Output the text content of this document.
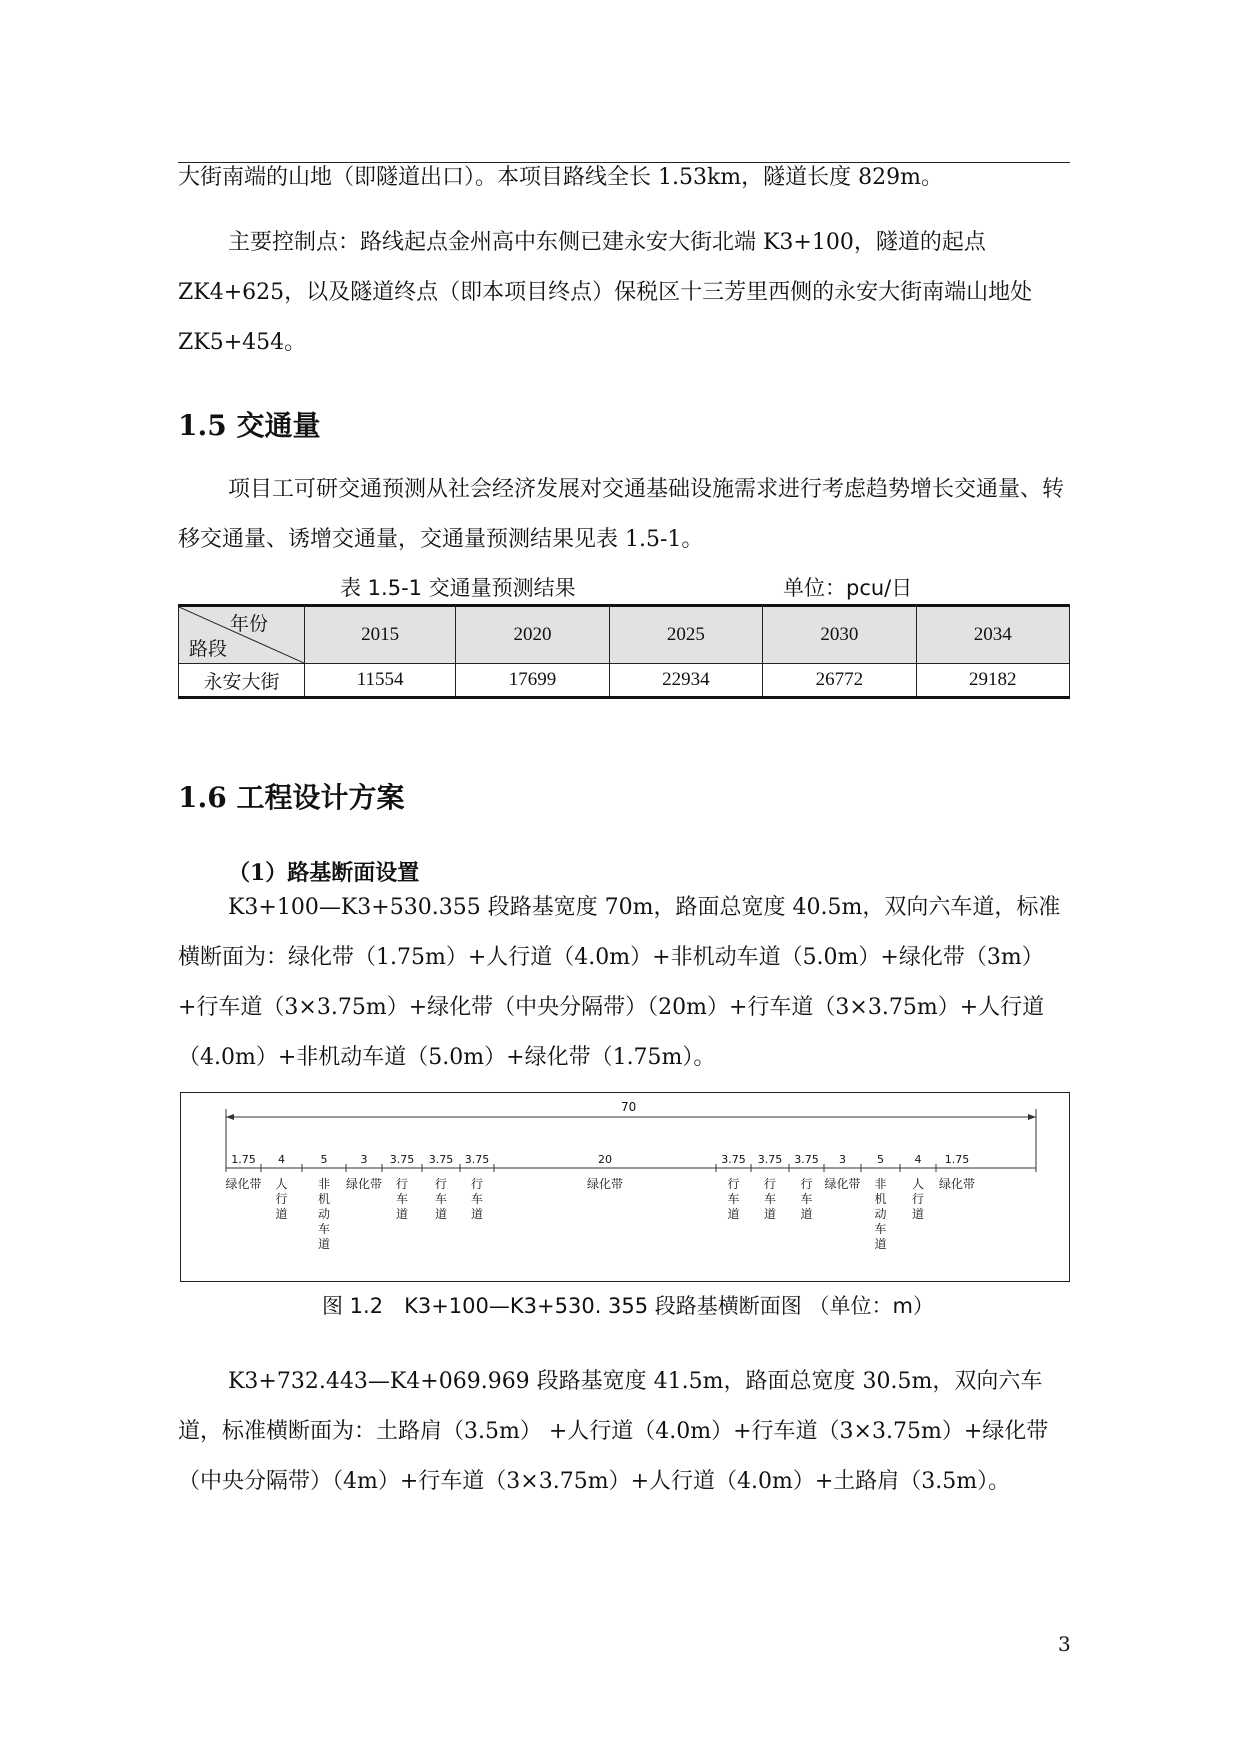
大街南端的山地（即隧道出口）。本项目路线全长 1.53km，隧道长度 829m。
主要控制点：路线起点金州高中东侧已建永安大街北端 K3+100，隧道的起点 ZK4+625，以及隧道终点（即本项目终点）保税区十三芳里西侧的永安大街南端山地处 ZK5+454。
1.5 交通量
项目工可研交通预测从社会经济发展对交通基础设施需求进行考虑趋势增长交通量、转移交通量、诱增交通量，交通量预测结果见表 1.5-1。
表 1.5-1 交通量预测结果	单位：pcu/日
年份
路段	2015	2020	2025	2030	2034
永安大街	11554	17699	22934	26772	29182
1.6 工程设计方案
（1）路基断面设置
K3+100—K3+530.355 段路基宽度 70m，路面总宽度 40.5m，双向六车道，标准横断面为：绿化带（1.75m）+人行道（4.0m）+非机动车道（5.0m）+绿化带（3m）+行车道（3×3.75m）+绿化带（中央分隔带）（20m）+行车道（3×3.75m）+人行道（4.0m）+非机动车道（5.0m）+绿化带（1.75m）。
70
1.75
绿化带
4
人
行
道
5
非
机
动
车
道
3
绿化带
3.75
行
车
道
3.75
行
车
道
3.75
行
车
道
20
绿化带
3.75
行
车
道
3.75
行
车
道
3.75
行
车
道
3
绿化带
5
非
机
动
车
道
4
人
行
道
1.75
绿化带
图 1.2　K3+100—K3+530. 355 段路基横断面图 （单位：m）
K3+732.443—K4+069.969 段路基宽度 41.5m，路面总宽度 30.5m，双向六车道，标准横断面为：土路肩（3.5m） +人行道（4.0m）+行车道（3×3.75m）+绿化带（中央分隔带）（4m）+行车道（3×3.75m）+人行道（4.0m）+土路肩（3.5m）。
3
